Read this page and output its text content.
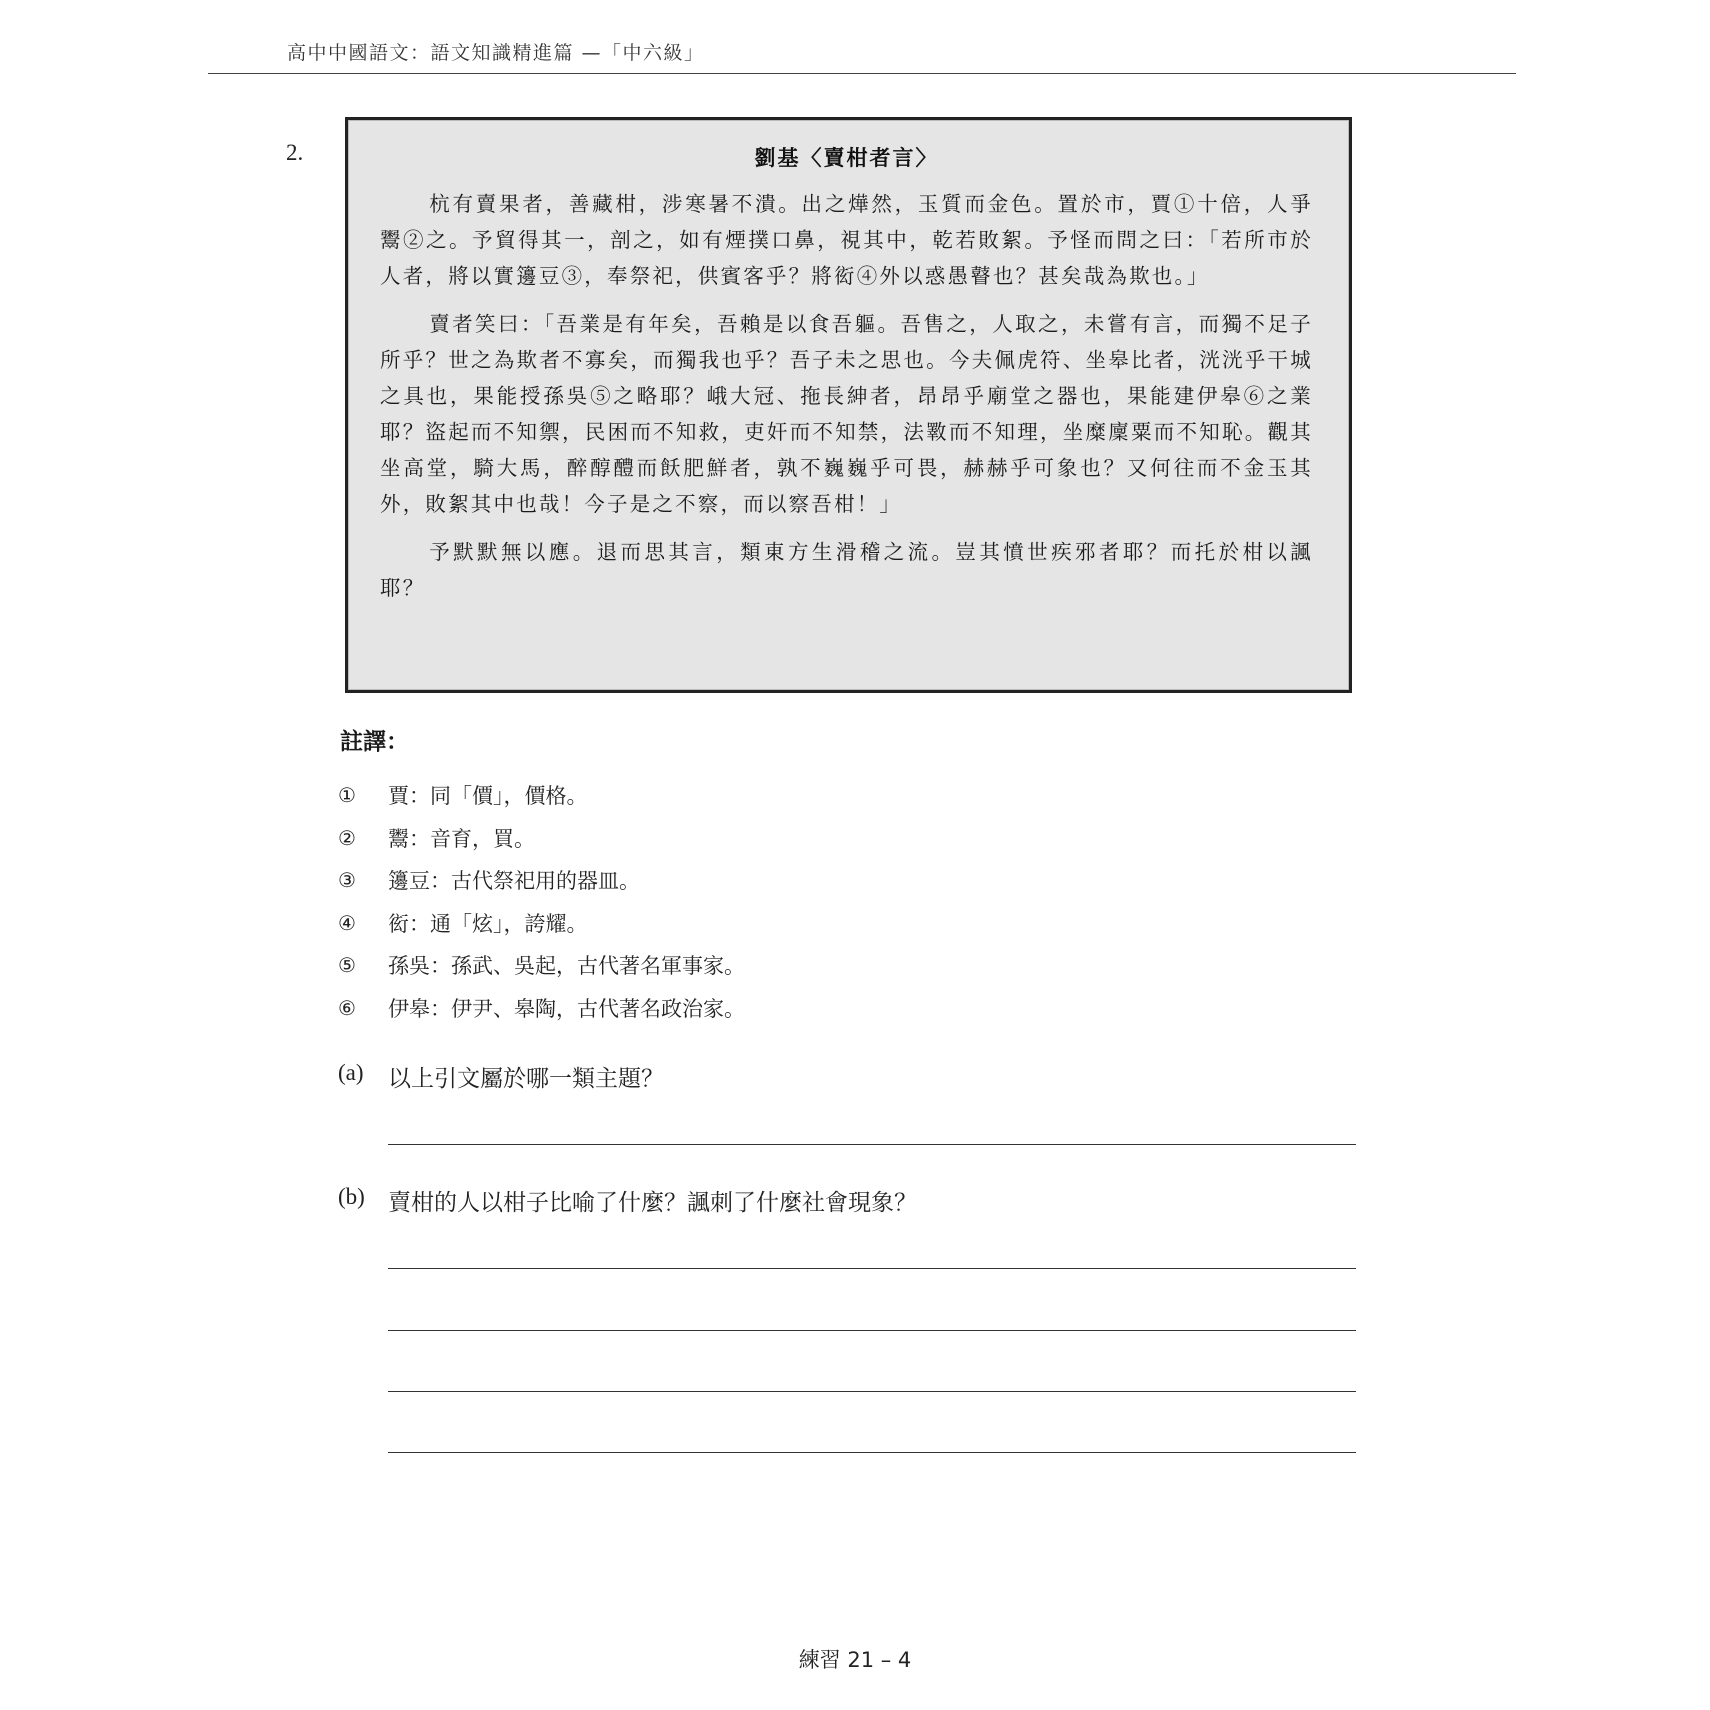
高中中國語文：語文知識精進篇 —「中六級」
2.	劉基〈賣柑者言〉

杭有賣果者，善藏柑，涉寒暑不潰。出之燁然，玉質而金色。置於市，賈①十倍，人爭鬻②之。予貿得其一，剖之，如有煙撲口鼻，視其中，乾若敗絮。予怪而問之曰：「若所市於人者，將以實籩豆③，奉祭祀，供賓客乎？將衒④外以惑愚瞽也？甚矣哉為欺也。」

賣者笑曰：「吾業是有年矣，吾賴是以食吾軀。吾售之，人取之，未嘗有言，而獨不足子所乎？世之為欺者不寡矣，而獨我也乎？吾子未之思也。今夫佩虎符、坐皋比者，洸洸乎干城之具也，果能授孫吳⑤之略耶？峨大冠、拖長紳者，昂昂乎廟堂之器也，果能建伊皋⑥之業耶？盜起而不知禦，民困而不知救，吏奸而不知禁，法斁而不知理，坐糜廩粟而不知恥。觀其坐高堂，騎大馬，醉醇醴而飫肥鮮者，孰不巍巍乎可畏，赫赫乎可象也？又何往而不金玉其外，敗絮其中也哉！今子是之不察，而以察吾柑！」

予默默無以應。退而思其言，類東方生滑稽之流。豈其憤世疾邪者耶？而托於柑以諷耶？

註譯：
①	賈：同「價」，價格。
②	鬻：音育，買。
③	籩豆：古代祭祀用的器皿。
④	衒：通「炫」，誇耀。
⑤	孫吳：孫武、吳起，古代著名軍事家。
⑥	伊皋：伊尹、皋陶，古代著名政治家。
(a)	以上引文屬於哪一類主題？
(b)	賣柑的人以柑子比喻了什麼？諷刺了什麼社會現象？
練習 21 – 4
